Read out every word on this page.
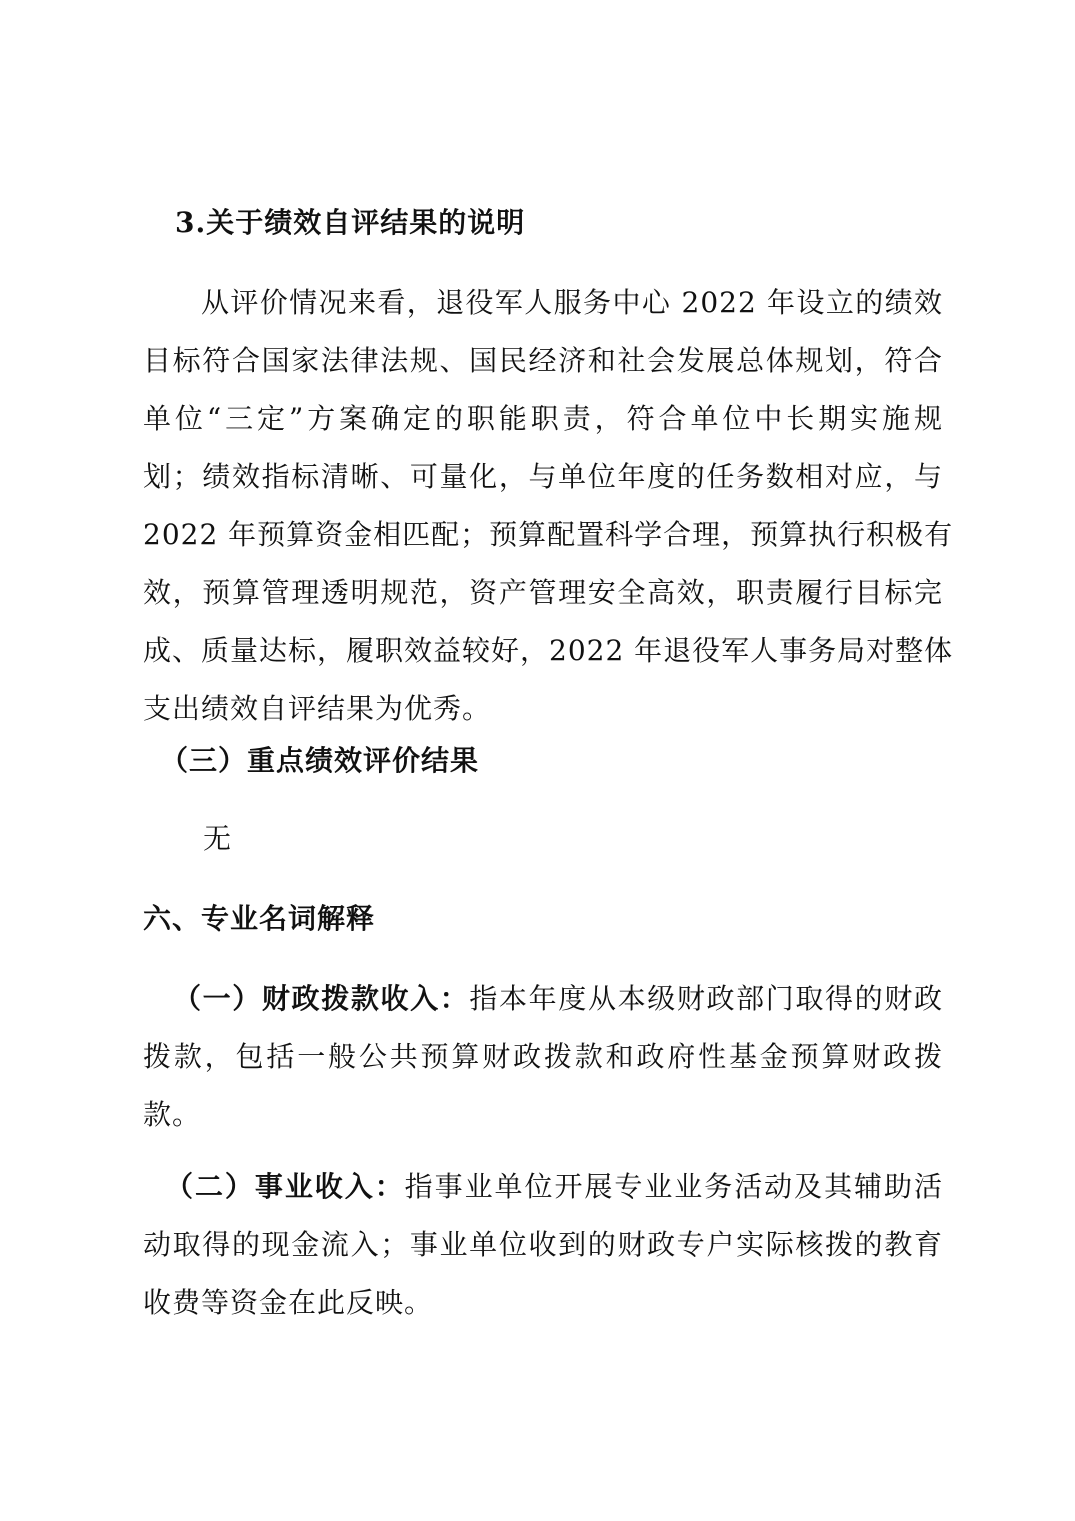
3.关于绩效自评结果的说明
从评价情况来看，退役军人服务中心 2022 年设立的绩效
目标符合国家法律法规、国民经济和社会发展总体规划，符合
单位“三定”方案确定的职能职责，符合单位中长期实施规
划；绩效指标清晰、可量化，与单位年度的任务数相对应，与
2022 年预算资金相匹配；预算配置科学合理，预算执行积极有
效，预算管理透明规范，资产管理安全高效，职责履行目标完
成、质量达标，履职效益较好，2022 年退役军人事务局对整体
支出绩效自评结果为优秀。
（三）重点绩效评价结果
无
六、专业名词解释
（一）财政拨款收入：指本年度从本级财政部门取得的财政
拨款，包括一般公共预算财政拨款和政府性基金预算财政拨
款。
（二）事业收入：指事业单位开展专业业务活动及其辅助活
动取得的现金流入；事业单位收到的财政专户实际核拨的教育
收费等资金在此反映。
